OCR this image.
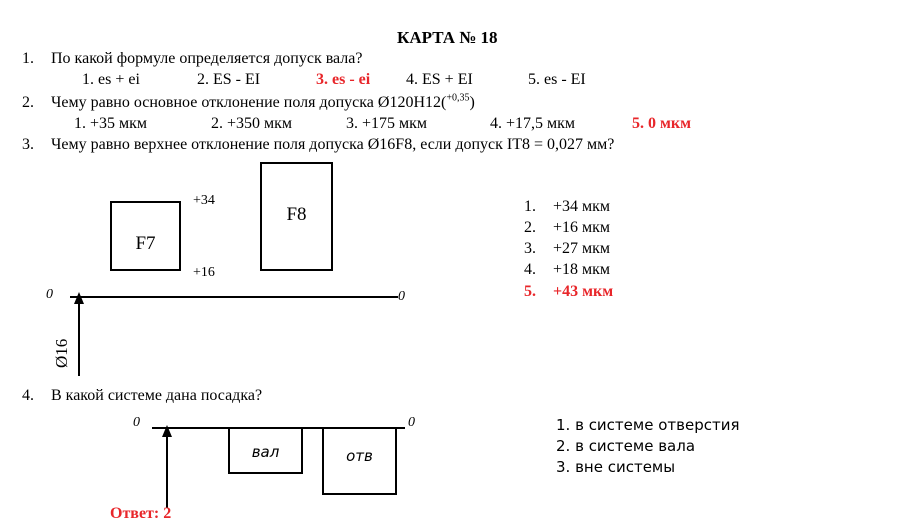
КАРТА № 18
1. По какой формуле определяется допуск вала?
1. es + ei	2. ES - EI	3. es - ei 4. ES + EI	5. es - EI
2. Чему равно основное отклонение поля допуска Ø120H12($^{+0,35}$)
1. +35 мкм	2. +350 мкм	3. +175 мкм	4. +17,5 мкм	5. 0 мкм
3. Чему равно верхнее отклонение поля допуска Ø16F8, если допуск IT8 = 0,027 мм?
F7
F8
+34
+16
0	0
Ø16
1. +34 мкм
2. +16 мкм
3. +27 мкм
4. +18 мкм
5. +43 мкм
4. В какой системе дана посадка?
0	0
вал	отв
1. в системе отверстия
2. в системе вала
3. вне системы
Ответ: 2
